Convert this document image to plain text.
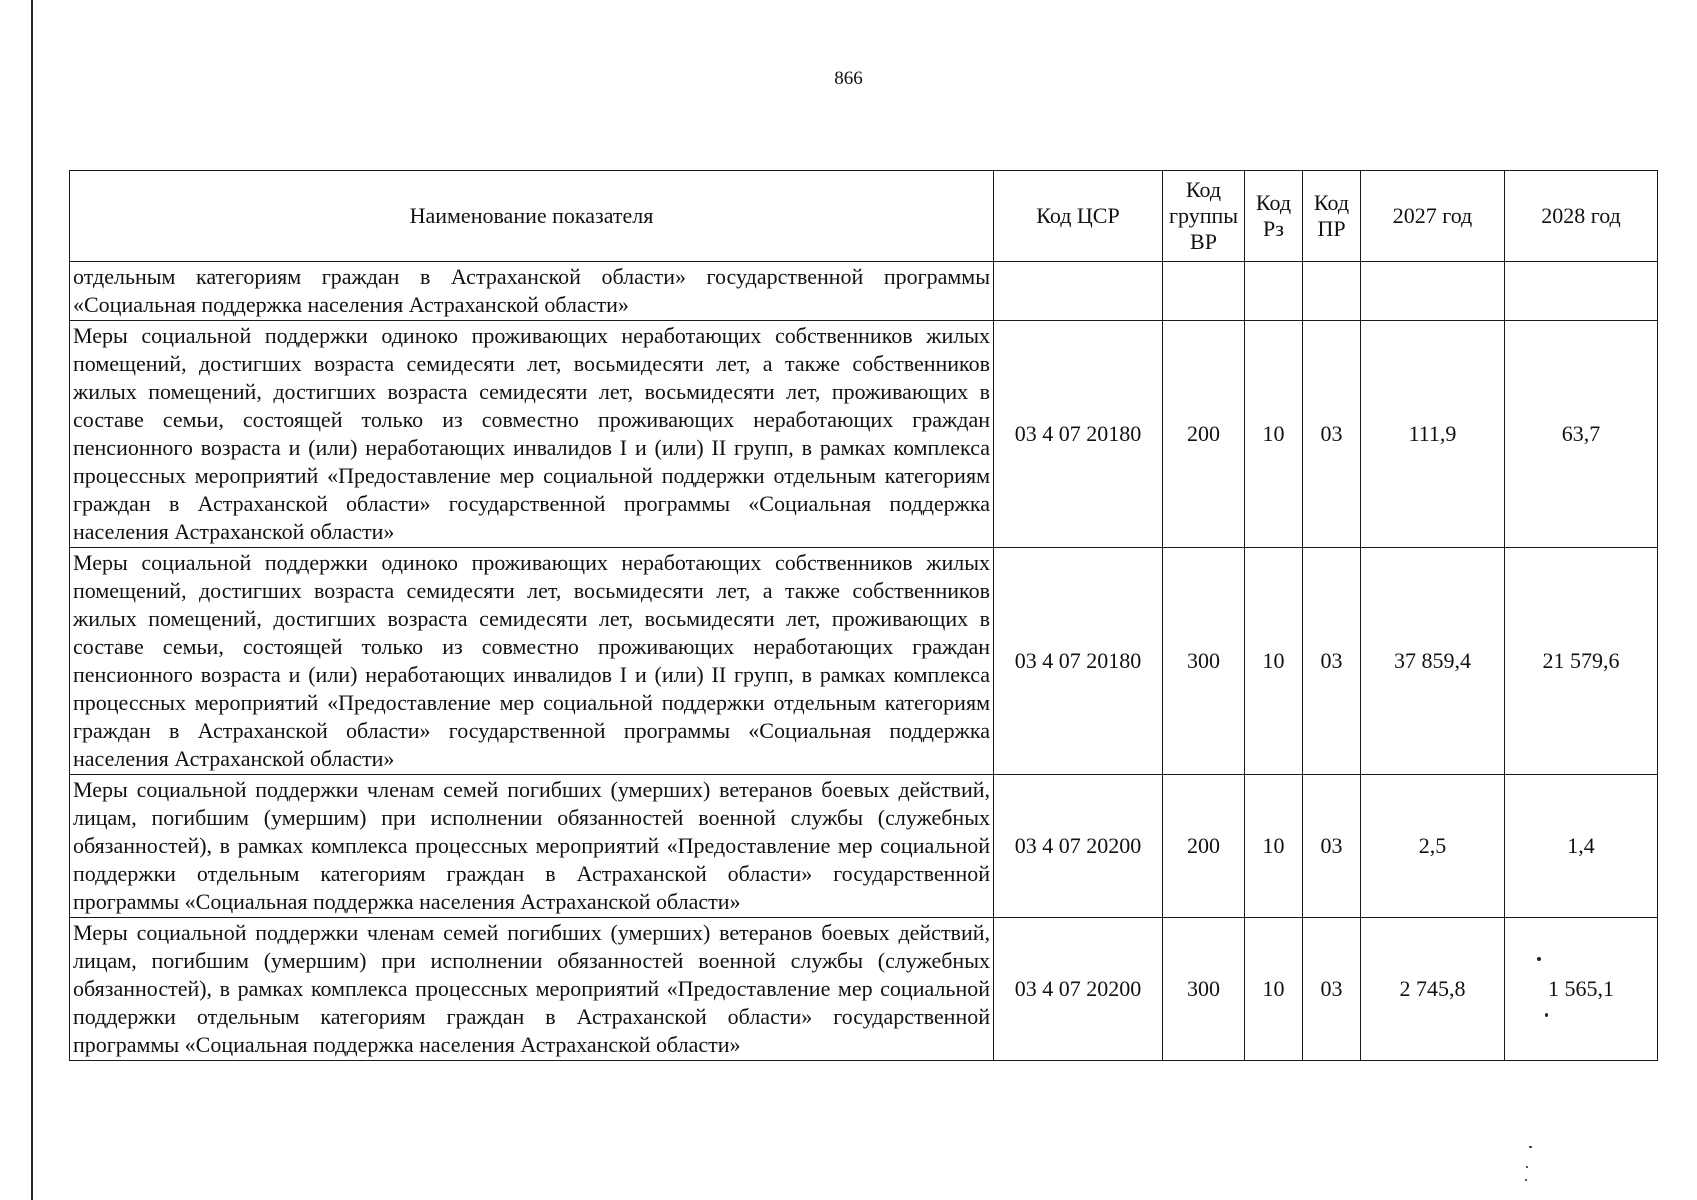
866
Наименование показателя	Код ЦСР	Код группы ВР	Код Рз	Код ПР	2027 год	2028 год
отдельным категориям граждан в Астраханской области» государственной программы «Социальная поддержка населения Астраханской области»						
Меры социальной поддержки одиноко проживающих неработающих собственников жилых помещений, достигших возраста семидесяти лет, восьмидесяти лет, а также собственников жилых помещений, достигших возраста семидесяти лет, восьмидесяти лет, проживающих в составе семьи, состоящей только из совместно проживающих неработающих граждан пенсионного возраста и (или) неработающих инвалидов I и (или) II групп, в рамках комплекса процессных мероприятий «Предоставление мер социальной поддержки отдельным категориям граждан в Астраханской области» государственной программы «Социальная поддержка населения Астраханской области»	03 4 07 20180	200	10	03	111,9	63,7
Меры социальной поддержки одиноко проживающих неработающих собственников жилых помещений, достигших возраста семидесяти лет, восьмидесяти лет, а также собственников жилых помещений, достигших возраста семидесяти лет, восьмидесяти лет, проживающих в составе семьи, состоящей только из совместно проживающих неработающих граждан пенсионного возраста и (или) неработающих инвалидов I и (или) II групп, в рамках комплекса процессных мероприятий «Предоставление мер социальной поддержки отдельным категориям граждан в Астраханской области» государственной программы «Социальная поддержка населения Астраханской области»	03 4 07 20180	300	10	03	37 859,4	21 579,6
Меры социальной поддержки членам семей погибших (умерших) ветеранов боевых действий, лицам, погибшим (умершим) при исполнении обязанностей военной службы (служебных обязанностей), в рамках комплекса процессных мероприятий «Предоставление мер социальной поддержки отдельным категориям граждан в Астраханской области» государственной программы «Социальная поддержка населения Астраханской области»	03 4 07 20200	200	10	03	2,5	1,4
Меры социальной поддержки членам семей погибших (умерших) ветеранов боевых действий, лицам, погибшим (умершим) при исполнении обязанностей военной службы (служебных обязанностей), в рамках комплекса процессных мероприятий «Предоставление мер социальной поддержки отдельным категориям граждан в Астраханской области» государственной программы «Социальная поддержка населения Астраханской области»	03 4 07 20200	300	10	03	2 745,8	1 565,1
